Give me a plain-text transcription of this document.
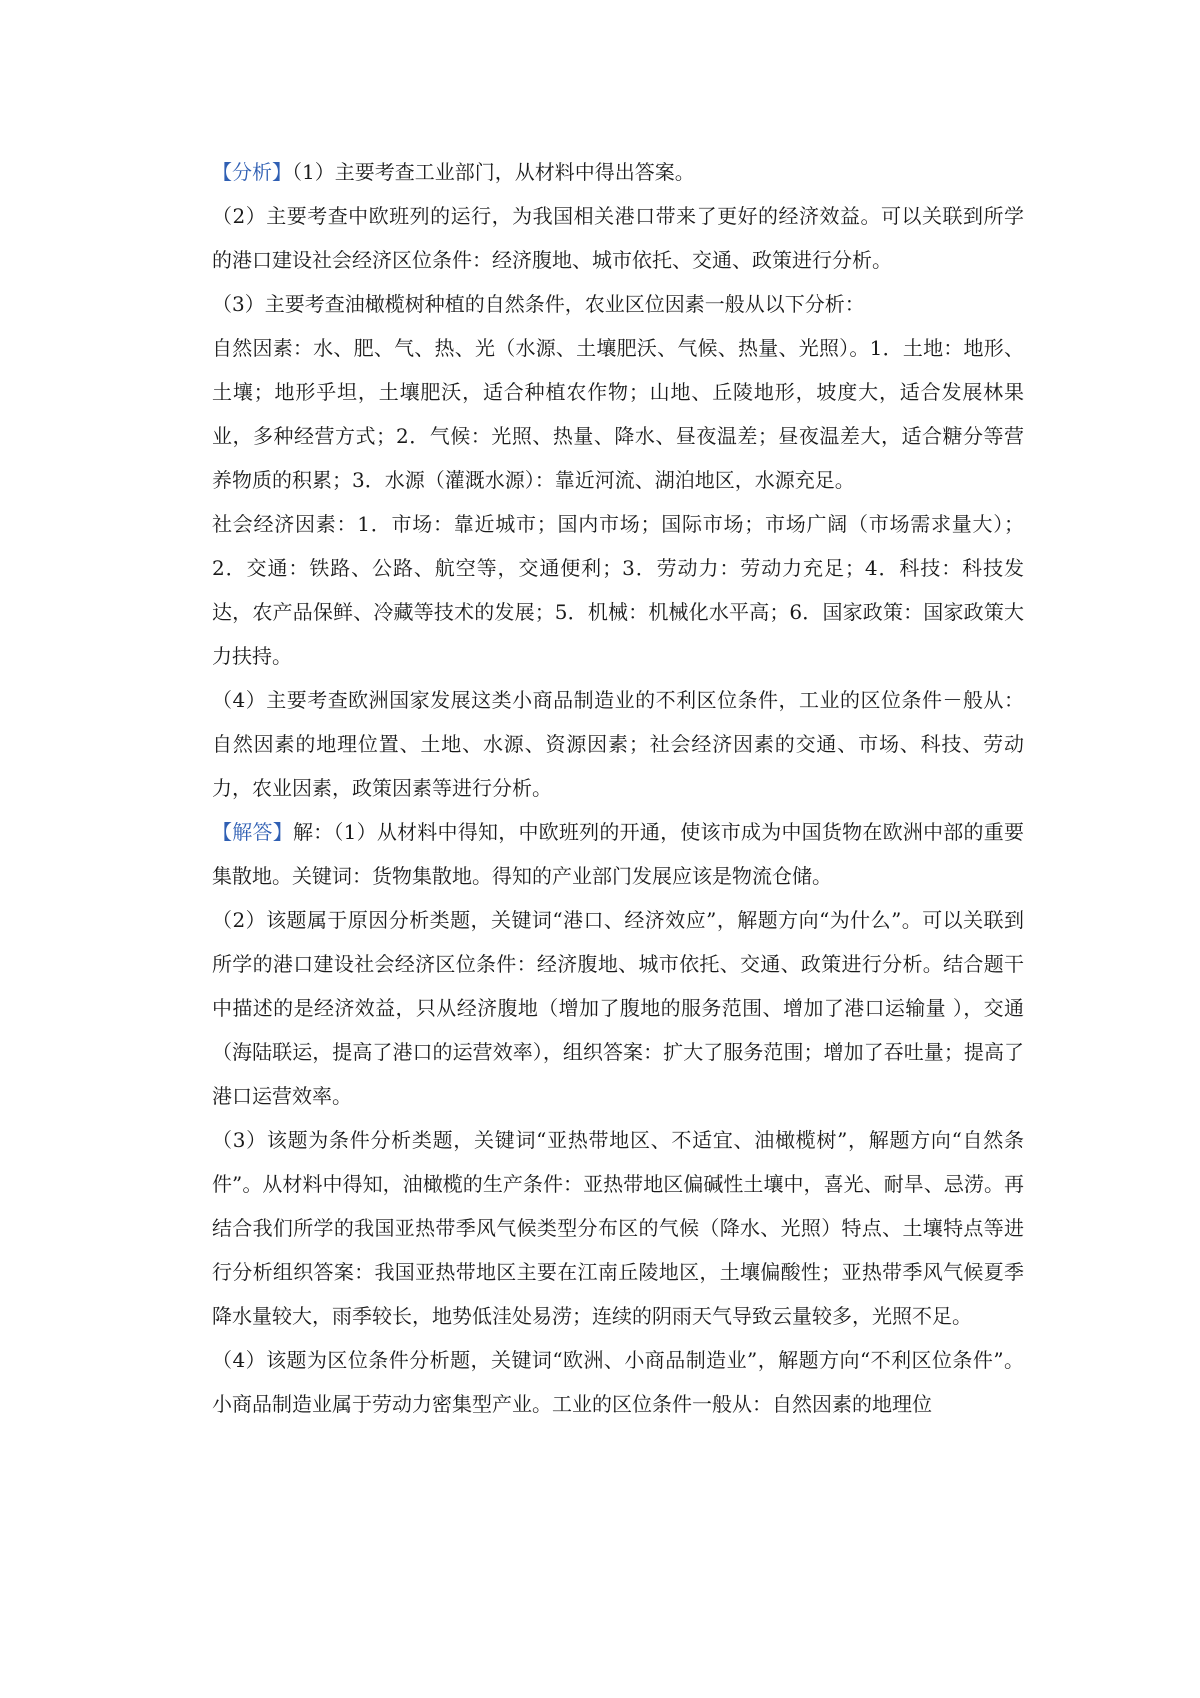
【分析】（1）主要考查工业部门，从材料中得出答案。

（2）主要考查中欧班列的运行，为我国相关港口带来了更好的经济效益。可以关联到所学的港口建设社会经济区位条件：经济腹地、城市依托、交通、政策进行分析。

（3）主要考查油橄榄树种植的自然条件，农业区位因素一般从以下分析：

自然因素：水、肥、气、热、光（水源、土壤肥沃、气候、热量、光照）。1．土地：地形、土壤；地形乎坦，土壤肥沃，适合种植农作物；山地、丘陵地形，坡度大，适合发展林果业，多种经营方式；2．气候：光照、热量、降水、昼夜温差；昼夜温差大，适合糖分等营养物质的积累；3．水源（灌溉水源）：靠近河流、湖泊地区，水源充足。

社会经济因素：1．市场：靠近城市；国内市场；国际市场；市场广阔（市场需求量大）；2．交通：铁路、公路、航空等，交通便利；3．劳动力：劳动力充足；4．科技：科技发达，农产品保鲜、冷藏等技术的发展；5．机械：机械化水平高；6．国家政策：国家政策大力扶持。

（4）主要考查欧洲国家发展这类小商品制造业的不利区位条件，工业的区位条件－般从：自然因素的地理位置、土地、水源、资源因素；社会经济因素的交通、市场、科技、劳动力，农业因素，政策因素等进行分析。

【解答】解：（1）从材料中得知，中欧班列的开通，使该市成为中国货物在欧洲中部的重要集散地。关键词：货物集散地。得知的产业部门发展应该是物流仓储。

（2）该题属于原因分析类题，关键词“港口、经济效应”，解题方向“为什么”。可以关联到所学的港口建设社会经济区位条件：经济腹地、城市依托、交通、政策进行分析。结合题干中描述的是经济效益，只从经济腹地（增加了腹地的服务范围、增加了港口运输量 ），交通（海陆联运，提高了港口的运营效率），组织答案：扩大了服务范围；增加了吞吐量；提高了港口运营效率。

（3）该题为条件分析类题，关键词“亚热带地区、不适宜、油橄榄树”，解题方向“自然条件”。从材料中得知，油橄榄的生产条件：亚热带地区偏碱性土壤中，喜光、耐旱、忌涝。再结合我们所学的我国亚热带季风气候类型分布区的气候（降水、光照）特点、土壤特点等进行分析组织答案：我国亚热带地区主要在江南丘陵地区，土壤偏酸性；亚热带季风气候夏季降水量较大，雨季较长，地势低洼处易涝；连续的阴雨天气导致云量较多，光照不足。

（4）该题为区位条件分析题，关键词“欧洲、小商品制造业”，解题方向“不利区位条件”。小商品制造业属于劳动力密集型产业。工业的区位条件一般从：自然因素的地理位
